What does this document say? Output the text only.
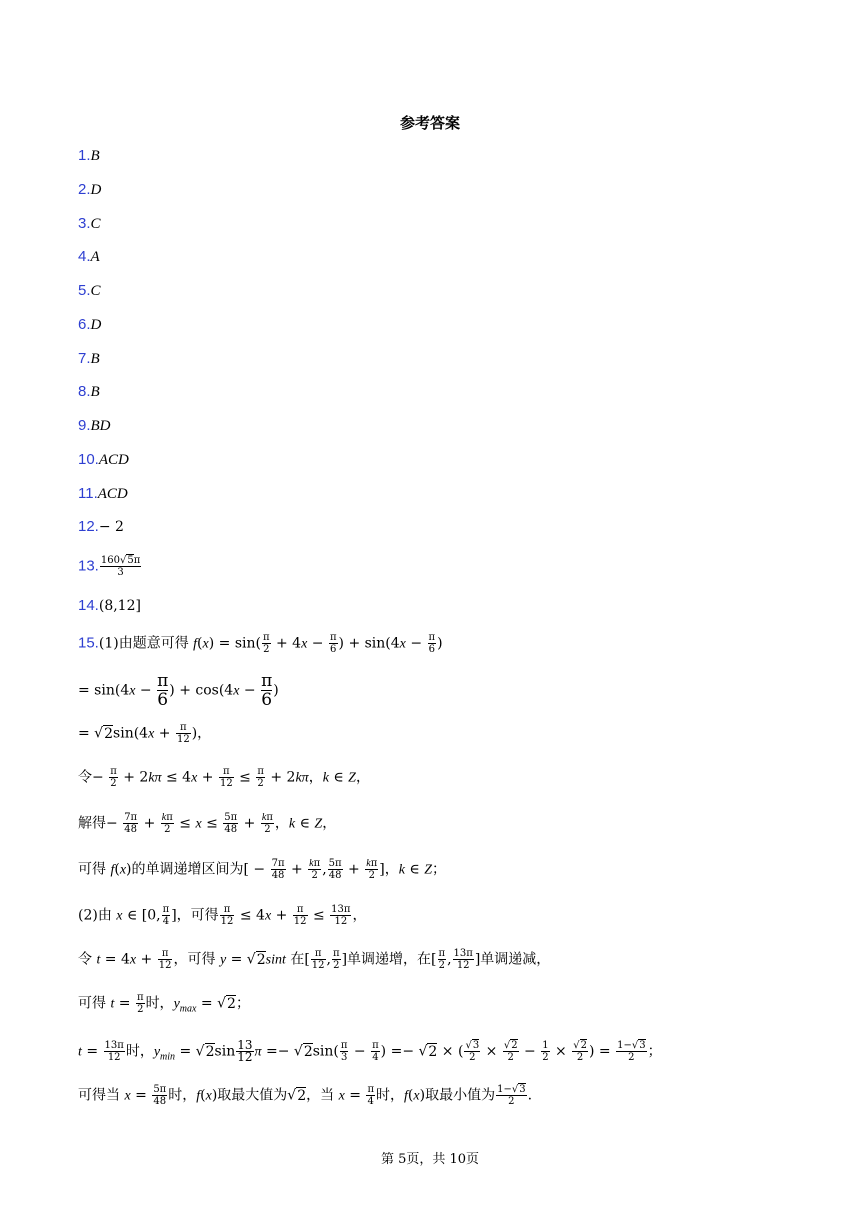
参考答案
1.B
2.D
3.C
4.A
5.C
6.D
7.B
8.B
9.BD
10.ACD
11.ACD
12.− 2
13. $\frac{160√5\pi}{3}$
14.(8,12]
15.(1)由题意可得 $f(x) = \sin( \frac{\pi}{2} + 4x - \frac{\pi}{6}$ ) + $\sin(4x - \frac{\pi}{6}$ )
= $\sin(4x - \frac{\pi}{6}$ ) + $\cos(4x - \frac{\pi}{6}$ )
= $√2\sin(4x + \frac{\pi}{12}$ )，
令− $\frac{\pi}{2} + 2k\pi \le 4x + \frac{\pi}{12} \le \frac{\pi}{2} + 2k\pi$，k ∈ Z，
解得− $\frac{7\pi}{48} + \frac{k\pi}{2} \le x \le \frac{5\pi}{48} + \frac{k\pi}{2}$ ，k ∈ Z，
可得 f(x)的单调递增区间为[ − $\frac{7\pi}{48} + \frac{k\pi}{2}$ , $\frac{5\pi}{48} + \frac{k\pi}{2}$ ]，k ∈ Z；
(2)由 x ∈ [0, $\frac{\pi}{4}$ ]，可得 $\frac{\pi}{12} \le 4x + \frac{\pi}{12} \le \frac{13\pi}{12}$ ，
令 $t = 4x + \frac{\pi}{12}$ ，可得 y = √2sint 在[ $\frac{\pi}{12}$ , $\frac{\pi}{2}$ ]单调递增，在[ $\frac{\pi}{2}$ , $\frac{13\pi}{12}$ ]单调递减，
可得 $t = \frac{\pi}{2}$ 时，$y_{max} = √2$；
$t = \frac{13\pi}{12}$ 时，$y_{min} = √2\sin \frac{13}{12}$ $\pi =- √2\sin( \frac{\pi}{3} - \frac{\pi}{4}$ ) =− √2 × ( $\frac{√3}{2} \times \frac{√2}{2} - \frac{1}{2} \times \frac{√2}{2}$ ) = $\frac{1-√3}{2}$ ；
可得当 $x = \frac{5\pi}{48}$ 时，f(x)取最大值为√2，当 $x = \frac{\pi}{4}$ 时，f(x)取最小值为 $\frac{1-√3}{2}$ .
第 5页，共 10页
